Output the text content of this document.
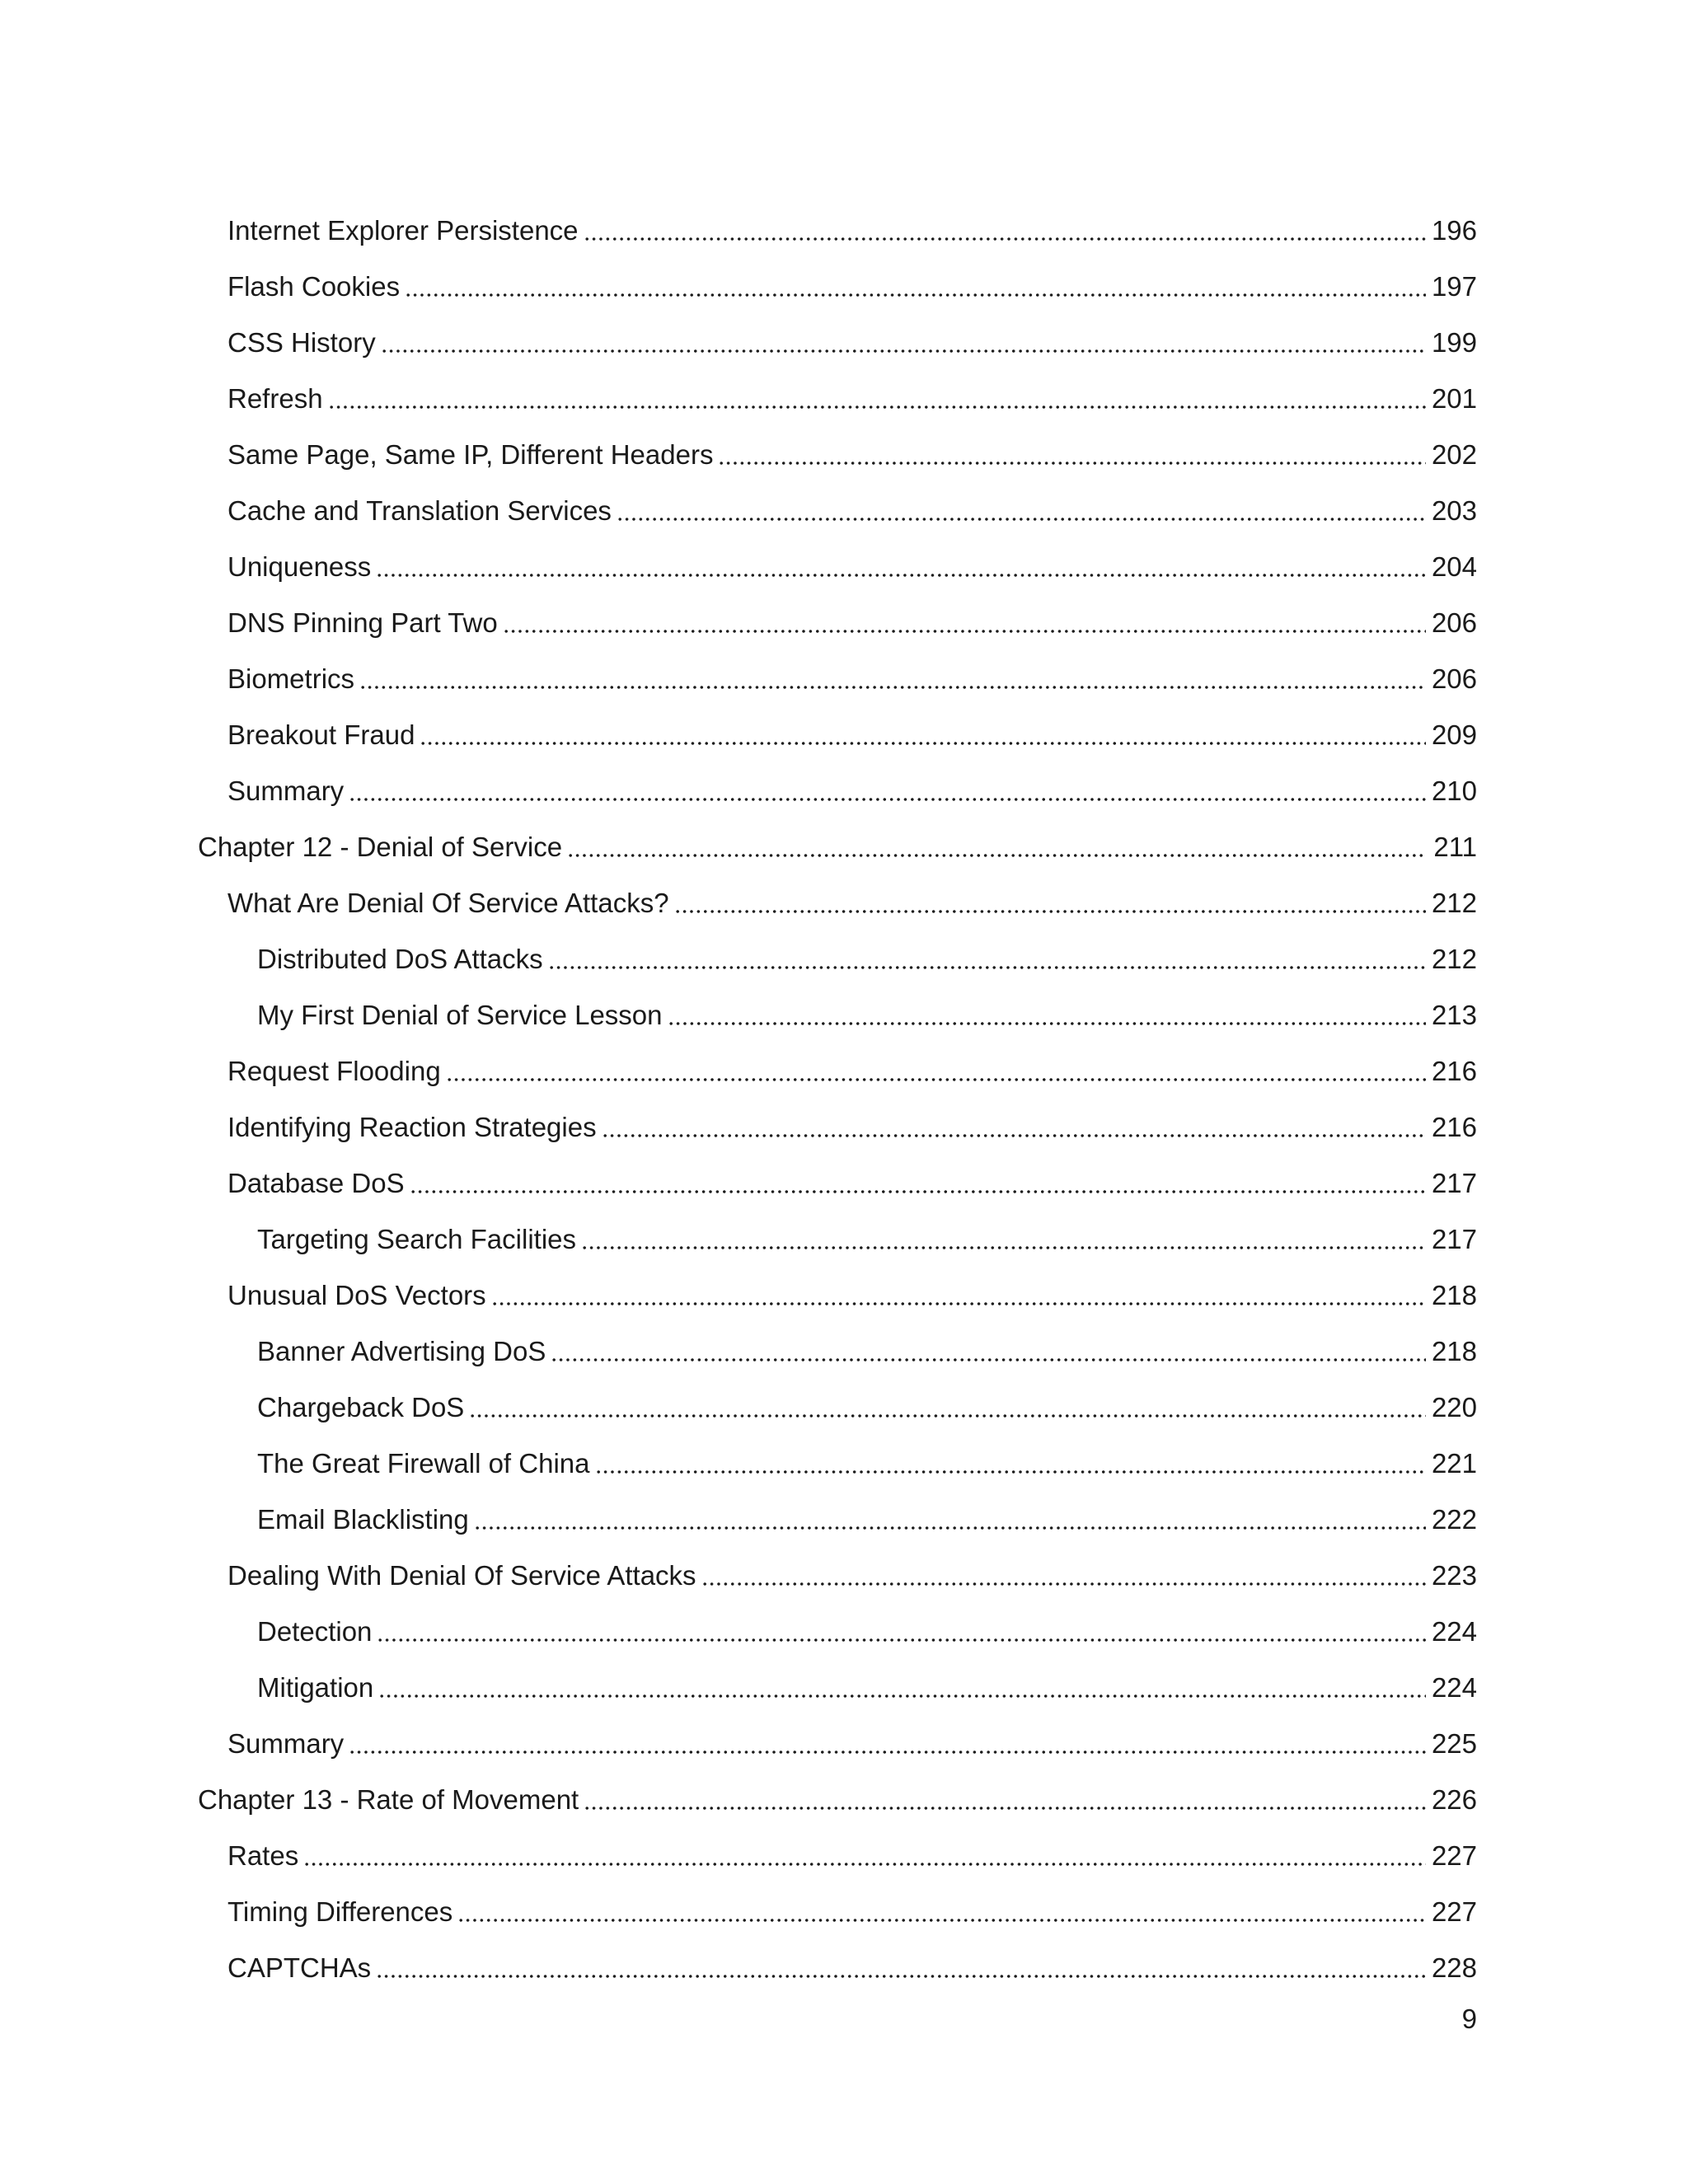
Internet Explorer Persistence	196
Flash Cookies	197
CSS History	199
Refresh	201
Same Page, Same IP, Different Headers	202
Cache and Translation Services	203
Uniqueness	204
DNS Pinning Part Two	206
Biometrics	206
Breakout Fraud	209
Summary	210
Chapter 12 - Denial of Service	211
What Are Denial Of Service Attacks?	212
Distributed DoS Attacks	212
My First Denial of Service Lesson	213
Request Flooding	216
Identifying Reaction Strategies	216
Database DoS	217
Targeting Search Facilities	217
Unusual DoS Vectors	218
Banner Advertising DoS	218
Chargeback DoS	220
The Great Firewall of China	221
Email Blacklisting	222
Dealing With Denial Of Service Attacks	223
Detection	224
Mitigation	224
Summary	225
Chapter 13 - Rate of Movement	226
Rates	227
Timing Differences	227
CAPTCHAs	228
9
